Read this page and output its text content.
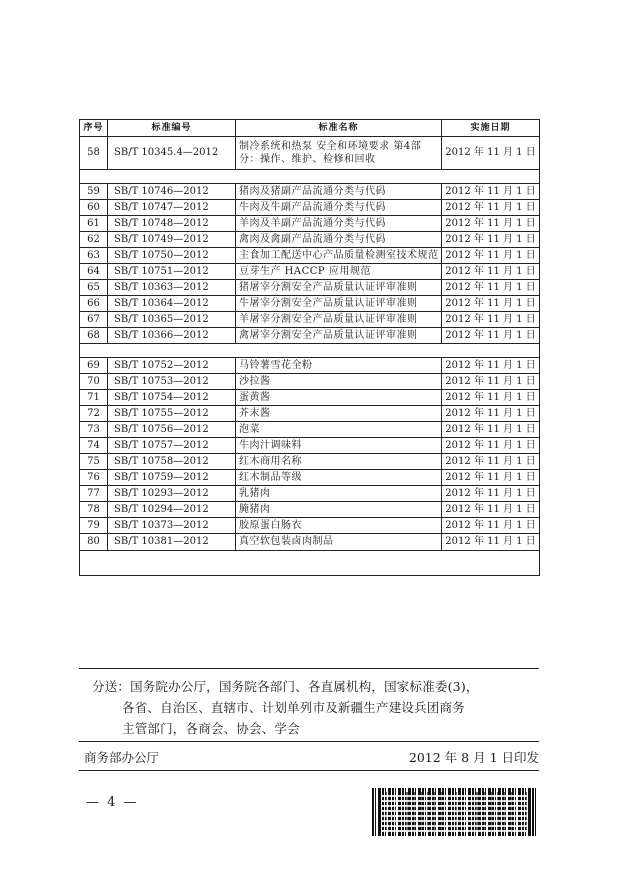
序号	标准编号	标准名称	实施日期
58	SB/T 10345.4—2012	制冷系统和热泵 安全和环境要求 第4部分：操作、维护、检修和回收	2012 年 11 月 1 日

59	SB/T 10746—2012	猪肉及猪副产品流通分类与代码	2012 年 11 月 1 日
60	SB/T 10747—2012	牛肉及牛副产品流通分类与代码	2012 年 11 月 1 日
61	SB/T 10748—2012	羊肉及羊副产品流通分类与代码	2012 年 11 月 1 日
62	SB/T 10749—2012	禽肉及禽副产品流通分类与代码	2012 年 11 月 1 日
63	SB/T 10750—2012	主食加工配送中心产品质量检测室技术规范	2012 年 11 月 1 日
64	SB/T 10751—2012	豆芽生产 HACCP 应用规范	2012 年 11 月 1 日
65	SB/T 10363—2012	猪屠宰分割安全产品质量认证评审准则	2012 年 11 月 1 日
66	SB/T 10364—2012	牛屠宰分割安全产品质量认证评审准则	2012 年 11 月 1 日
67	SB/T 10365—2012	羊屠宰分割安全产品质量认证评审准则	2012 年 11 月 1 日
68	SB/T 10366—2012	禽屠宰分割安全产品质量认证评审准则	2012 年 11 月 1 日

69	SB/T 10752—2012	马铃薯雪花全粉	2012 年 11 月 1 日
70	SB/T 10753—2012	沙拉酱	2012 年 11 月 1 日
71	SB/T 10754—2012	蛋黄酱	2012 年 11 月 1 日
72	SB/T 10755—2012	芥末酱	2012 年 11 月 1 日
73	SB/T 10756—2012	泡菜	2012 年 11 月 1 日
74	SB/T 10757—2012	牛肉汁调味料	2012 年 11 月 1 日
75	SB/T 10758—2012	红木商用名称	2012 年 11 月 1 日
76	SB/T 10759—2012	红木制品等级	2012 年 11 月 1 日
77	SB/T 10293—2012	乳猪肉	2012 年 11 月 1 日
78	SB/T 10294—2012	腌猪肉	2012 年 11 月 1 日
79	SB/T 10373—2012	胶原蛋白肠衣	2012 年 11 月 1 日
80	SB/T 10381—2012	真空软包装卤肉制品	2012 年 11 月 1 日

分送：国务院办公厅，国务院各部门、各直属机构，国家标准委(3)，
各省、自治区、直辖市、计划单列市及新疆生产建设兵团商务
主管部门，各商会、协会、学会
商务部办公厅	2012 年 8 月 1 日印发
— 4 —
